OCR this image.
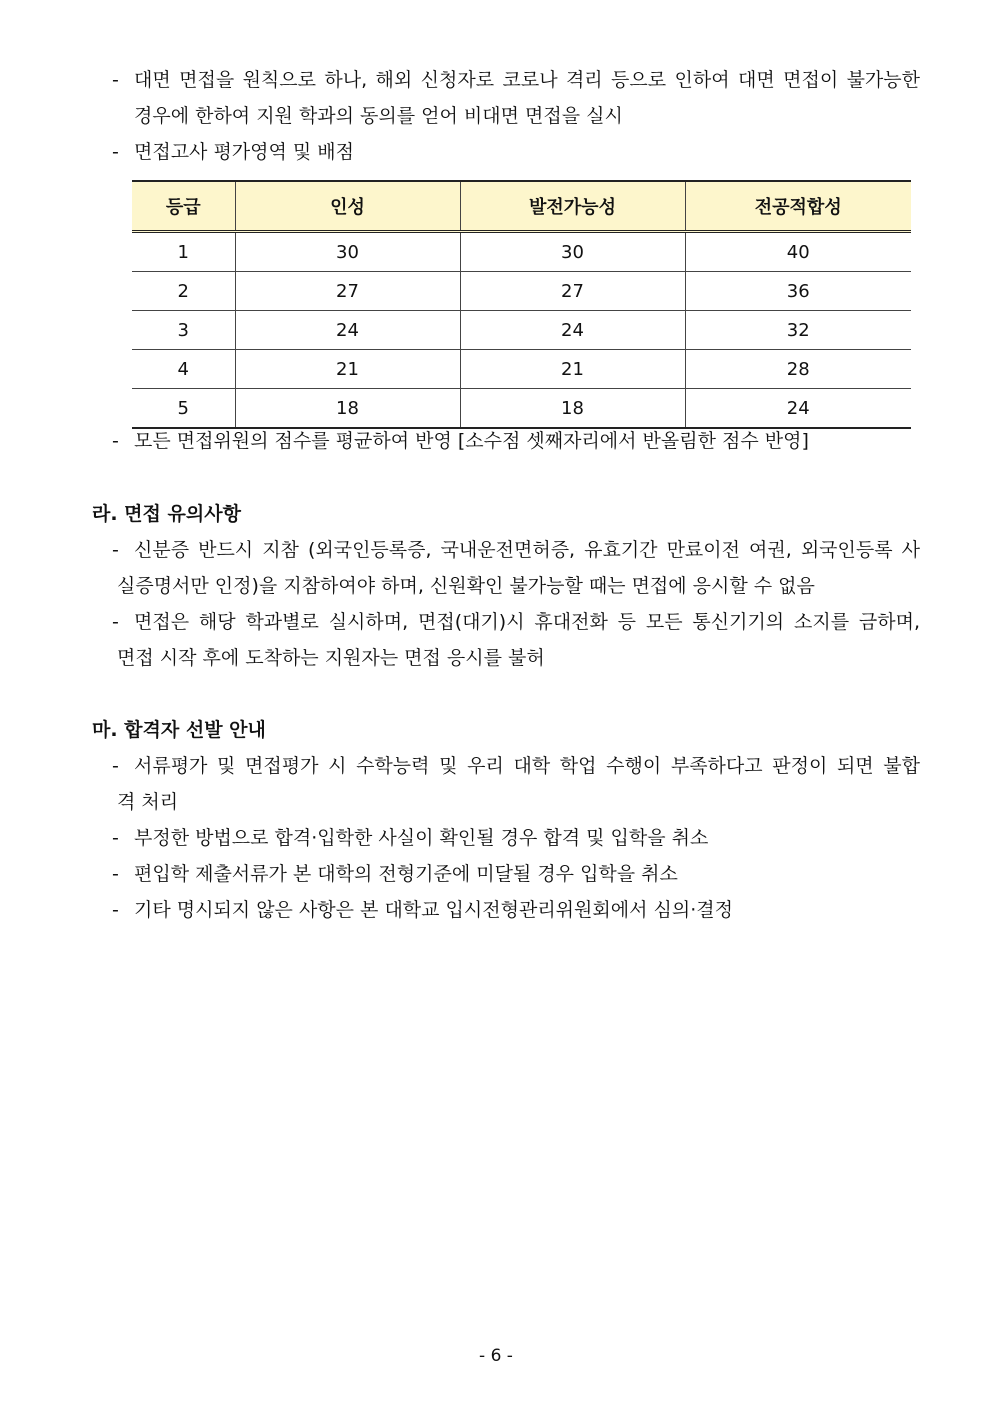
- 대면 면접을 원칙으로 하나, 해외 신청자로 코로나 격리 등으로 인하여 대면 면접이 불가능한
경우에 한하여 지원 학과의 동의를 얻어 비대면 면접을 실시
- 면접고사 평가영역 및 배점
등급	인성	발전가능성	전공적합성
1	30	30	40
2	27	27	36
3	24	24	32
4	21	21	28
5	18	18	24
- 모든 면접위원의 점수를 평균하여 반영 [소수점 셋째자리에서 반올림한 점수 반영]
라. 면접 유의사항
- 신분증 반드시 지참 (외국인등록증, 국내운전면허증, 유효기간 만료이전 여권, 외국인등록 사
실증명서만 인정)을 지참하여야 하며, 신원확인 불가능할 때는 면접에 응시할 수 없음
- 면접은 해당 학과별로 실시하며, 면접(대기)시 휴대전화 등 모든 통신기기의 소지를 금하며,
면접 시작 후에 도착하는 지원자는 면접 응시를 불허
마. 합격자 선발 안내
- 서류평가 및 면접평가 시 수학능력 및 우리 대학 학업 수행이 부족하다고 판정이 되면 불합
격 처리
- 부정한 방법으로 합격·입학한 사실이 확인될 경우 합격 및 입학을 취소
- 편입학 제출서류가 본 대학의 전형기준에 미달될 경우 입학을 취소
- 기타 명시되지 않은 사항은 본 대학교 입시전형관리위원회에서 심의·결정
- 6 -
